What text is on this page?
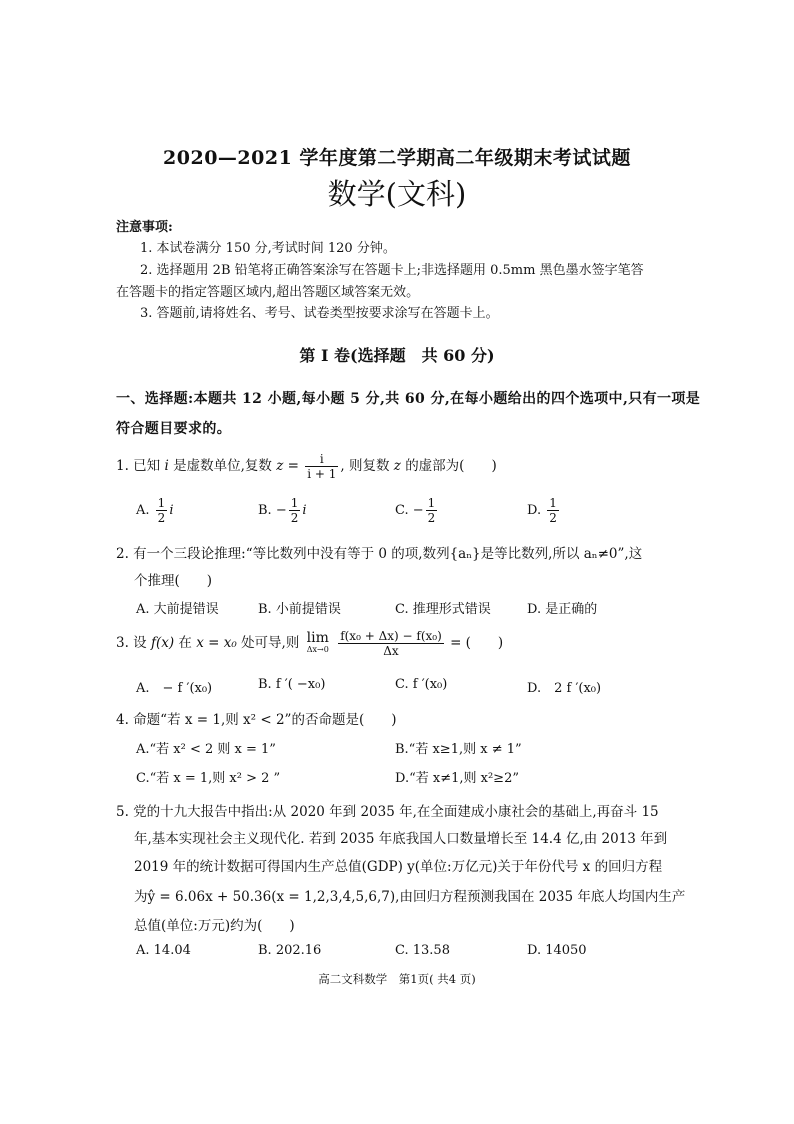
2020—2021 学年度第二学期高二年级期末考试试题
数学(文科)
注意事项:
1. 本试卷满分 150 分,考试时间 120 分钟。
2. 选择题用 2B 铅笔将正确答案涂写在答题卡上;非选择题用 0.5mm 黑色墨水签字笔答
在答题卡的指定答题区域内,超出答题区域答案无效。
3. 答题前,请将姓名、考号、试卷类型按要求涂写在答题卡上。
第 I 卷(选择题　共 60 分)
一、选择题:本题共 12 小题,每小题 5 分,共 60 分,在每小题给出的四个选项中,只有一项是
符合题目要求的。
1. 已知 i 是虚数单位,复数 $z = \frac{i}{i + 1}$ , 则复数 z 的虚部为(　　)
A. $\frac{1}{2}$ i	B. − $\frac{1}{2}$ i	C. − $\frac{1}{2}$	D. $\frac{1}{2}$
2. 有一个三段论推理:“等比数列中没有等于 0 的项,数列{aₙ}是等比数列,所以 aₙ≠0”,这
个推理(　　)
A. 大前提错误	B. 小前提错误	C. 推理形式错误	D. 是正确的
3. 设 f(x) 在 x = x₀ 处可导,则 lim
Δx→0
$\frac{\text{f(x₀ + Δx) − f(x₀)}}{\Delta x}$ = (　　)
A.　− f ′(x₀)	B. f ′( −x₀)	C. f ′(x₀)	D.　2 f ′(x₀)
4. 命题“若 x = 1,则 x² < 2”的否命题是(　　)
A.“若 x² < 2 则 x = 1”	B.“若 x≥1,则 x ≠ 1”
C.“若 x = 1,则 x² > 2 ”	D.“若 x≠1,则 x²≥2”
5. 党的十九大报告中指出:从 2020 年到 2035 年,在全面建成小康社会的基础上,再奋斗 15
年,基本实现社会主义现代化. 若到 2035 年底我国人口数量增长至 14.4 亿,由 2013 年到
2019 年的统计数据可得国内生产总值(GDP) y(单位:万亿元)关于年份代号 x 的回归方程
为ŷ = 6.06x + 50.36(x = 1,2,3,4,5,6,7),由回归方程预测我国在 2035 年底人均国内生产
总值(单位:万元)约为(　　)
A. 14.04	B. 202.16	C. 13.58	D. 14050
高二文科数学　第1页( 共4 页)
